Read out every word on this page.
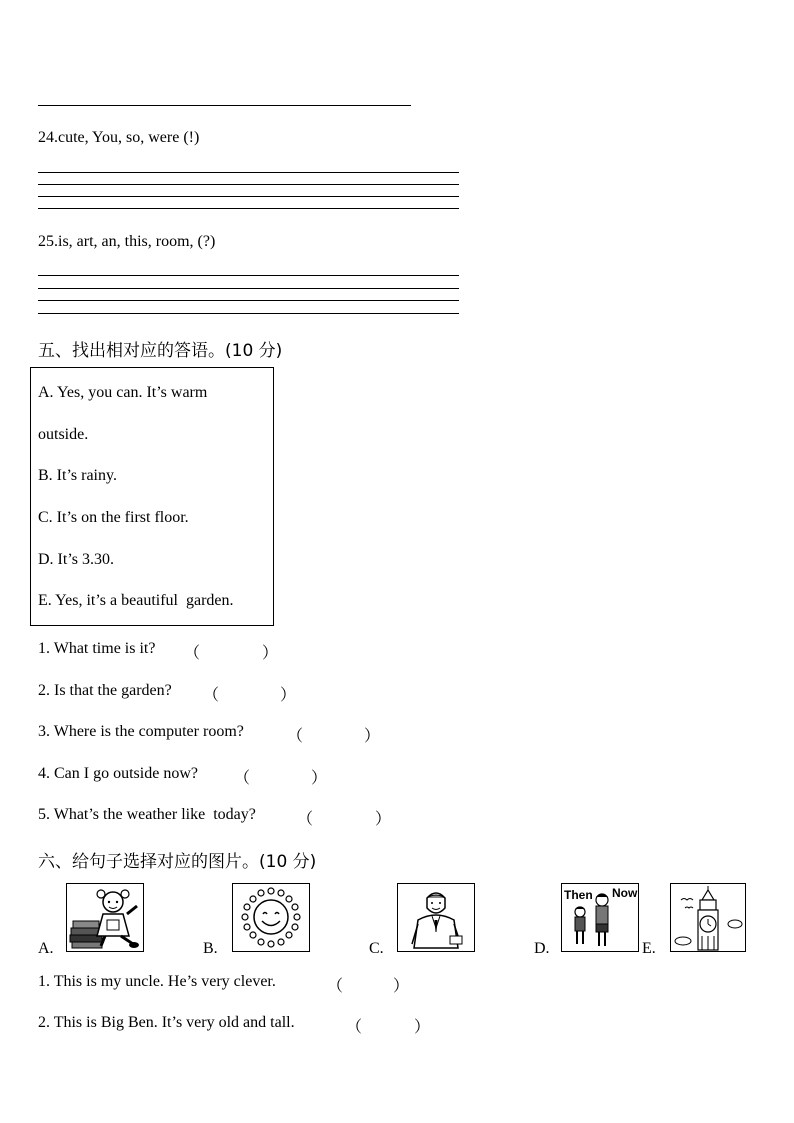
24.cute, You, so, were (!)
25.is, art, an, this, room, (?)
五、找出相对应的答语。(10 分)
A. Yes, you can. It’s warm
outside.
B. It’s rainy.
C. It’s on the first floor.
D. It’s 3.30.
E. Yes, it’s a beautiful  garden.
1. What time is it? （	）
2. Is that the garden? （	）
3. Where is the computer room?	（	）
4. Can I go outside now? （	）
5. What’s the weather like  today?	（	）
六、给句子选择对应的图片。(10 分)
A.	B.	C.	D.
Then Now
E.
1. This is my uncle. He’s very clever.	（	）
2. This is Big Ben. It’s very old and tall.	（	）
